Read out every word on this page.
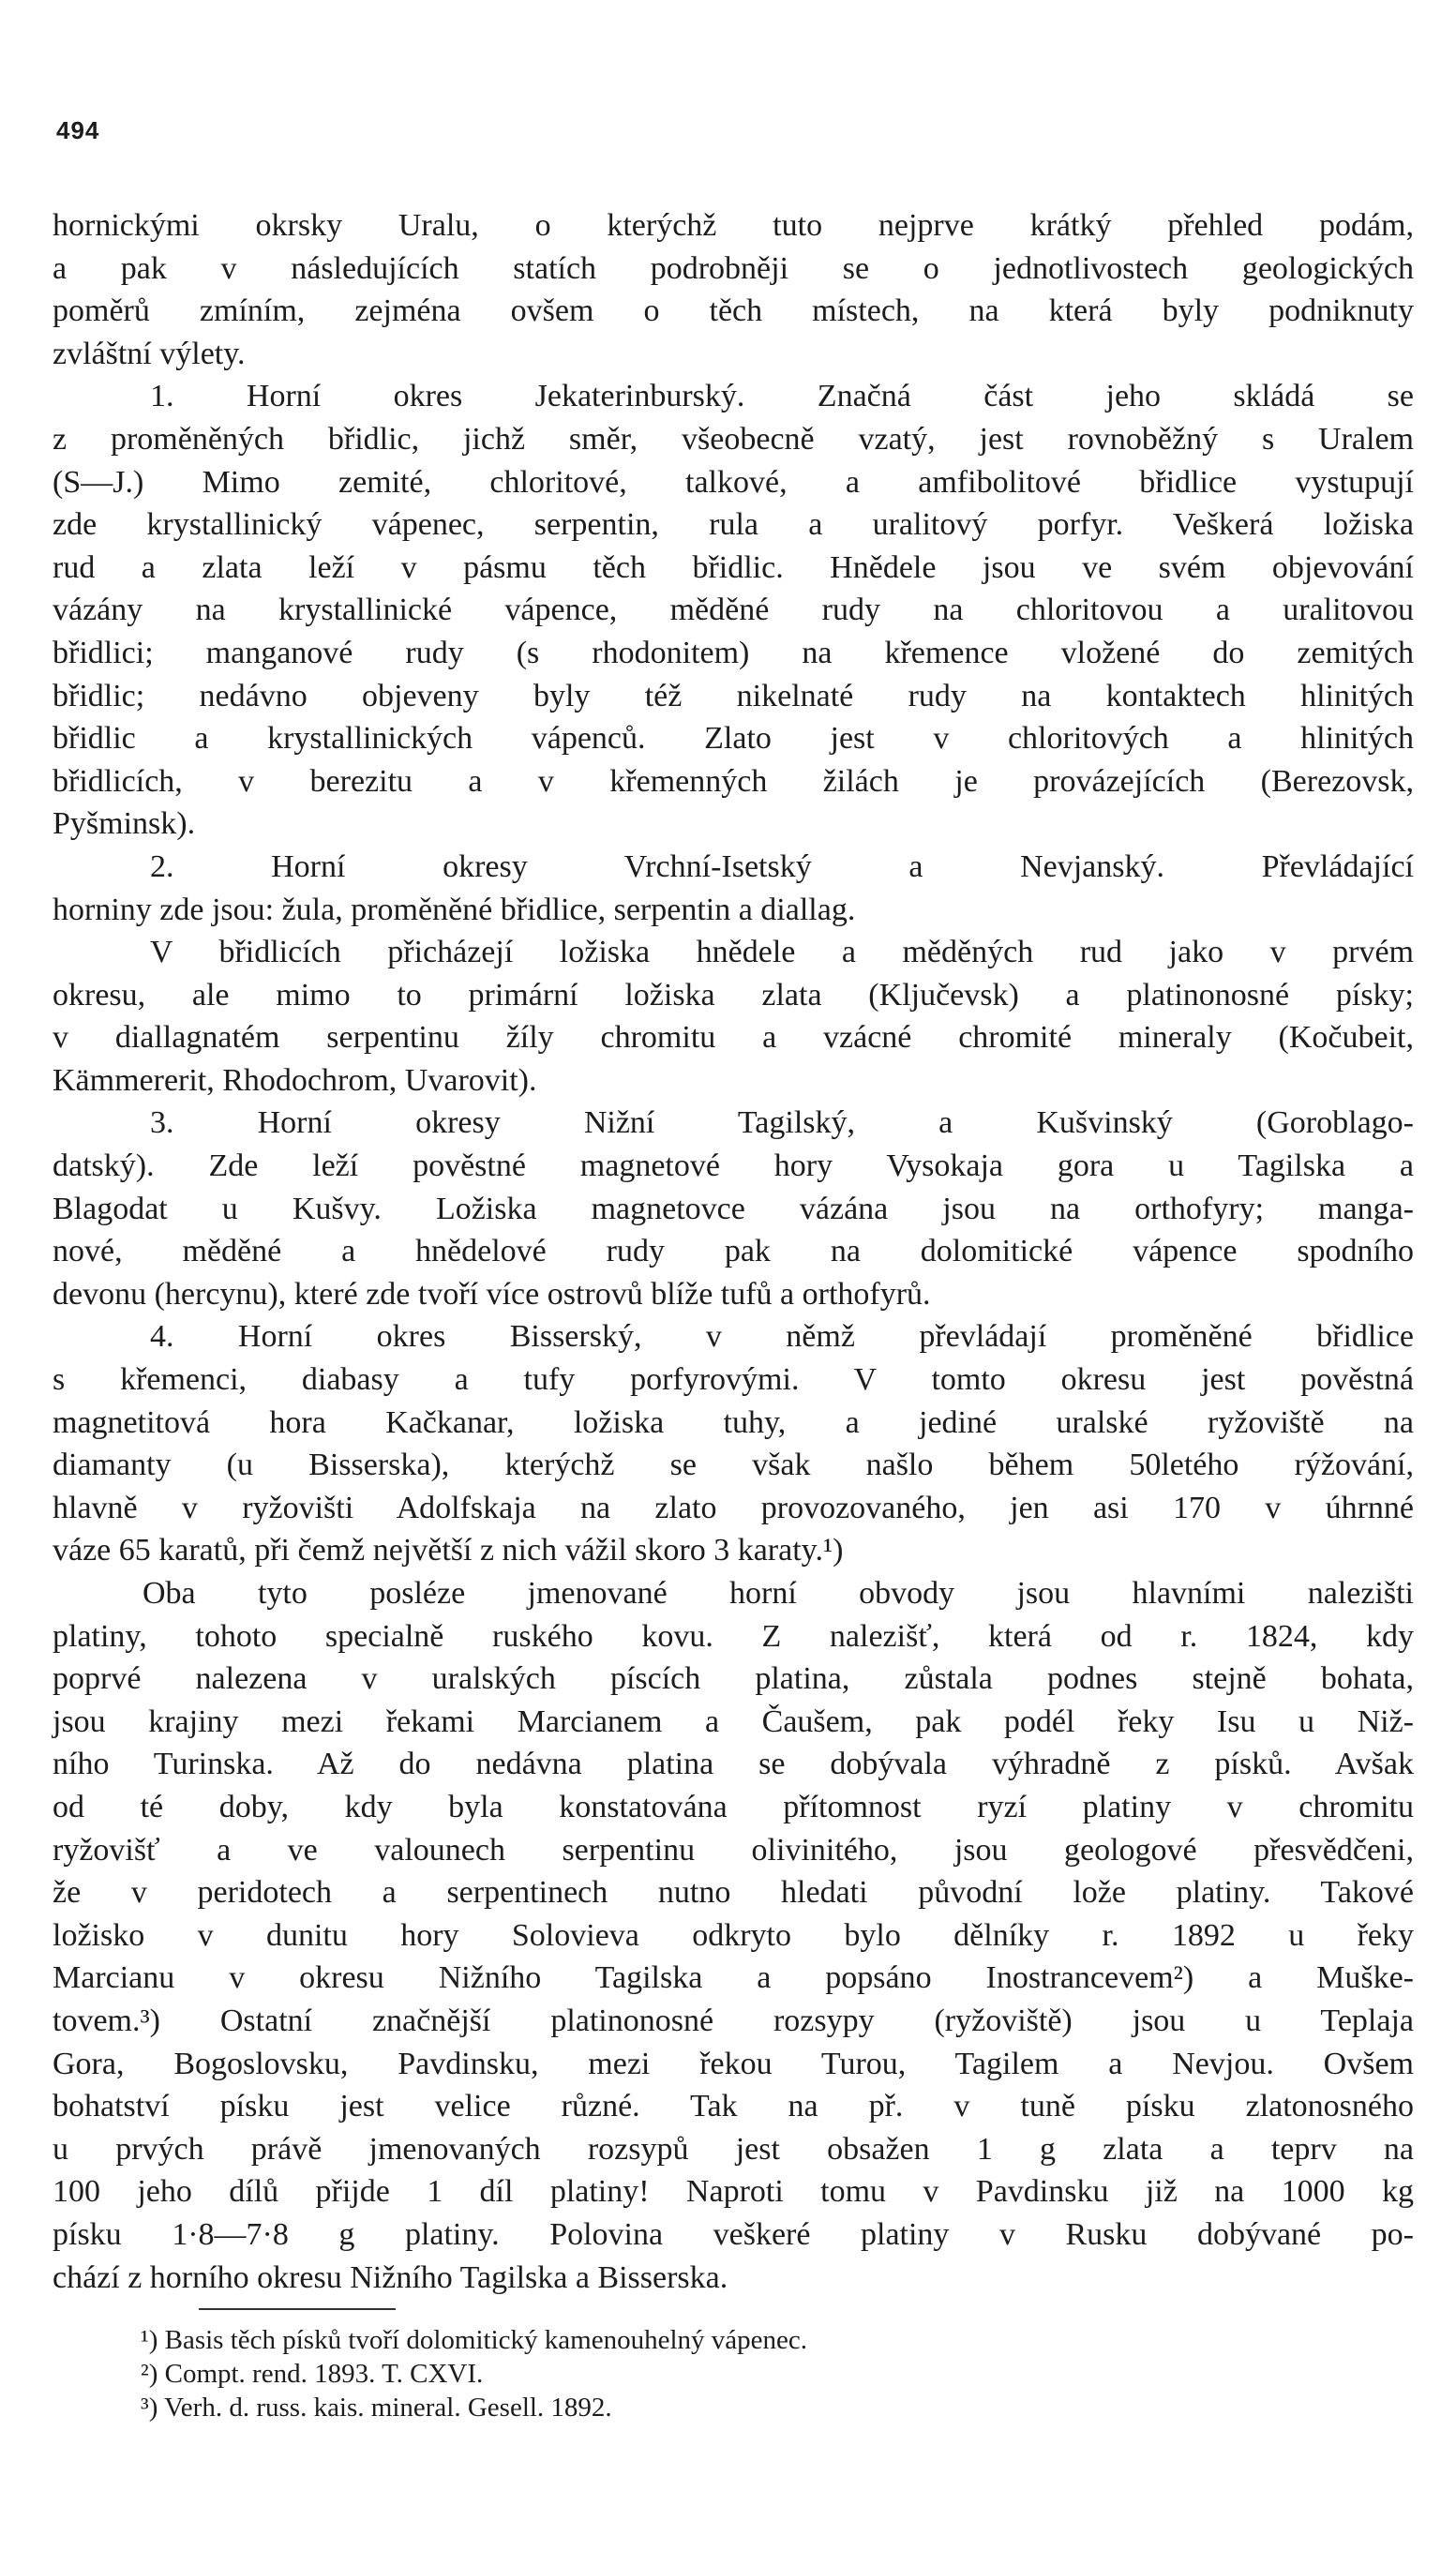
494
hornickými okrsky Uralu, o kterýchž tuto nejprve krátký přehled podám,
a pak v následujících statích podrobněji se o jednotlivostech geologických
poměrů zmíním, zejména ovšem o těch místech, na která byly podniknuty
zvláštní výlety.
1. Horní okres Jekaterinburský. Značná část jeho skládá se
z proměněných břidlic, jichž směr, všeobecně vzatý, jest rovnoběžný s Uralem
(S—J.) Mimo zemité, chloritové, talkové, a amfibolitové břidlice vystupují
zde krystallinický vápenec, serpentin, rula a uralitový porfyr. Veškerá ložiska
rud a zlata leží v pásmu těch břidlic. Hnědele jsou ve svém objevování
vázány na krystallinické vápence, měděné rudy na chloritovou a uralitovou
břidlici; manganové rudy (s rhodonitem) na křemence vložené do zemitých
břidlic; nedávno objeveny byly též nikelnaté rudy na kontaktech hlinitých
břidlic a krystallinických vápenců. Zlato jest v chloritových a hlinitých
břidlicích, v berezitu a v křemenných žilách je provázejících (Berezovsk,
Pyšminsk).
2. Horní okresy Vrchní-Isetský a Nevjanský. Převládající
horniny zde jsou: žula, proměněné břidlice, serpentin a diallag.
V břidlicích přicházejí ložiska hnědele a měděných rud jako v prvém
okresu, ale mimo to primární ložiska zlata (Ključevsk) a platinonosné písky;
v diallagnatém serpentinu žíly chromitu a vzácné chromité mineraly (Kočubeit,
Kämmererit, Rhodochrom, Uvarovit).
3. Horní okresy Nižní Tagilský, a Kušvinský (Goroblago-
datský). Zde leží pověstné magnetové hory Vysokaja gora u Tagilska a
Blagodat u Kušvy. Ložiska magnetovce vázána jsou na orthofyry; manga-
nové, měděné a hnědelové rudy pak na dolomitické vápence spodního
devonu (hercynu), které zde tvoří více ostrovů blíže tufů a orthofyrů.
4. Horní okres Bisserský, v němž převládají proměněné břidlice
s křemenci, diabasy a tufy porfyrovými. V tomto okresu jest pověstná
magnetitová hora Kačkanar, ložiska tuhy, a jediné uralské ryžoviště na
diamanty (u Bisserska), kterýchž se však našlo během 50letého rýžování,
hlavně v ryžovišti Adolfskaja na zlato provozovaného, jen asi 170 v úhrnné
váze 65 karatů, při čemž největší z nich vážil skoro 3 karaty.¹)
Oba tyto posléze jmenované horní obvody jsou hlavními nalezišti
platiny, tohoto specialně ruského kovu. Z nalezišť, která od r. 1824, kdy
poprvé nalezena v uralských píscích platina, zůstala podnes stejně bohata,
jsou krajiny mezi řekami Marcianem a Čaušem, pak podél řeky Isu u Niž-
ního Turinska. Až do nedávna platina se dobývala výhradně z písků. Avšak
od té doby, kdy byla konstatována přítomnost ryzí platiny v chromitu
ryžovišť a ve valounech serpentinu olivinitého, jsou geologové přesvědčeni,
že v peridotech a serpentinech nutno hledati původní lože platiny. Takové
ložisko v dunitu hory Solovieva odkryto bylo dělníky r. 1892 u řeky
Marcianu v okresu Nižního Tagilska a popsáno Inostrancevem²) a Muške-
tovem.³) Ostatní značnější platinonosné rozsypy (ryžoviště) jsou u Teplaja
Gora, Bogoslovsku, Pavdinsku, mezi řekou Turou, Tagilem a Nevjou. Ovšem
bohatství písku jest velice různé. Tak na př. v tuně písku zlatonosného
u prvých právě jmenovaných rozsypů jest obsažen 1 g zlata a teprv na
100 jeho dílů přijde 1 díl platiny! Naproti tomu v Pavdinsku již na 1000 kg
písku 1·8—7·8 g platiny. Polovina veškeré platiny v Rusku dobývané po-
chází z horního okresu Nižního Tagilska a Bisserska.
¹) Basis těch písků tvoří dolomitický kamenouhelný vápenec.
²) Compt. rend. 1893. T. CXVI.
³) Verh. d. russ. kais. mineral. Gesell. 1892.
